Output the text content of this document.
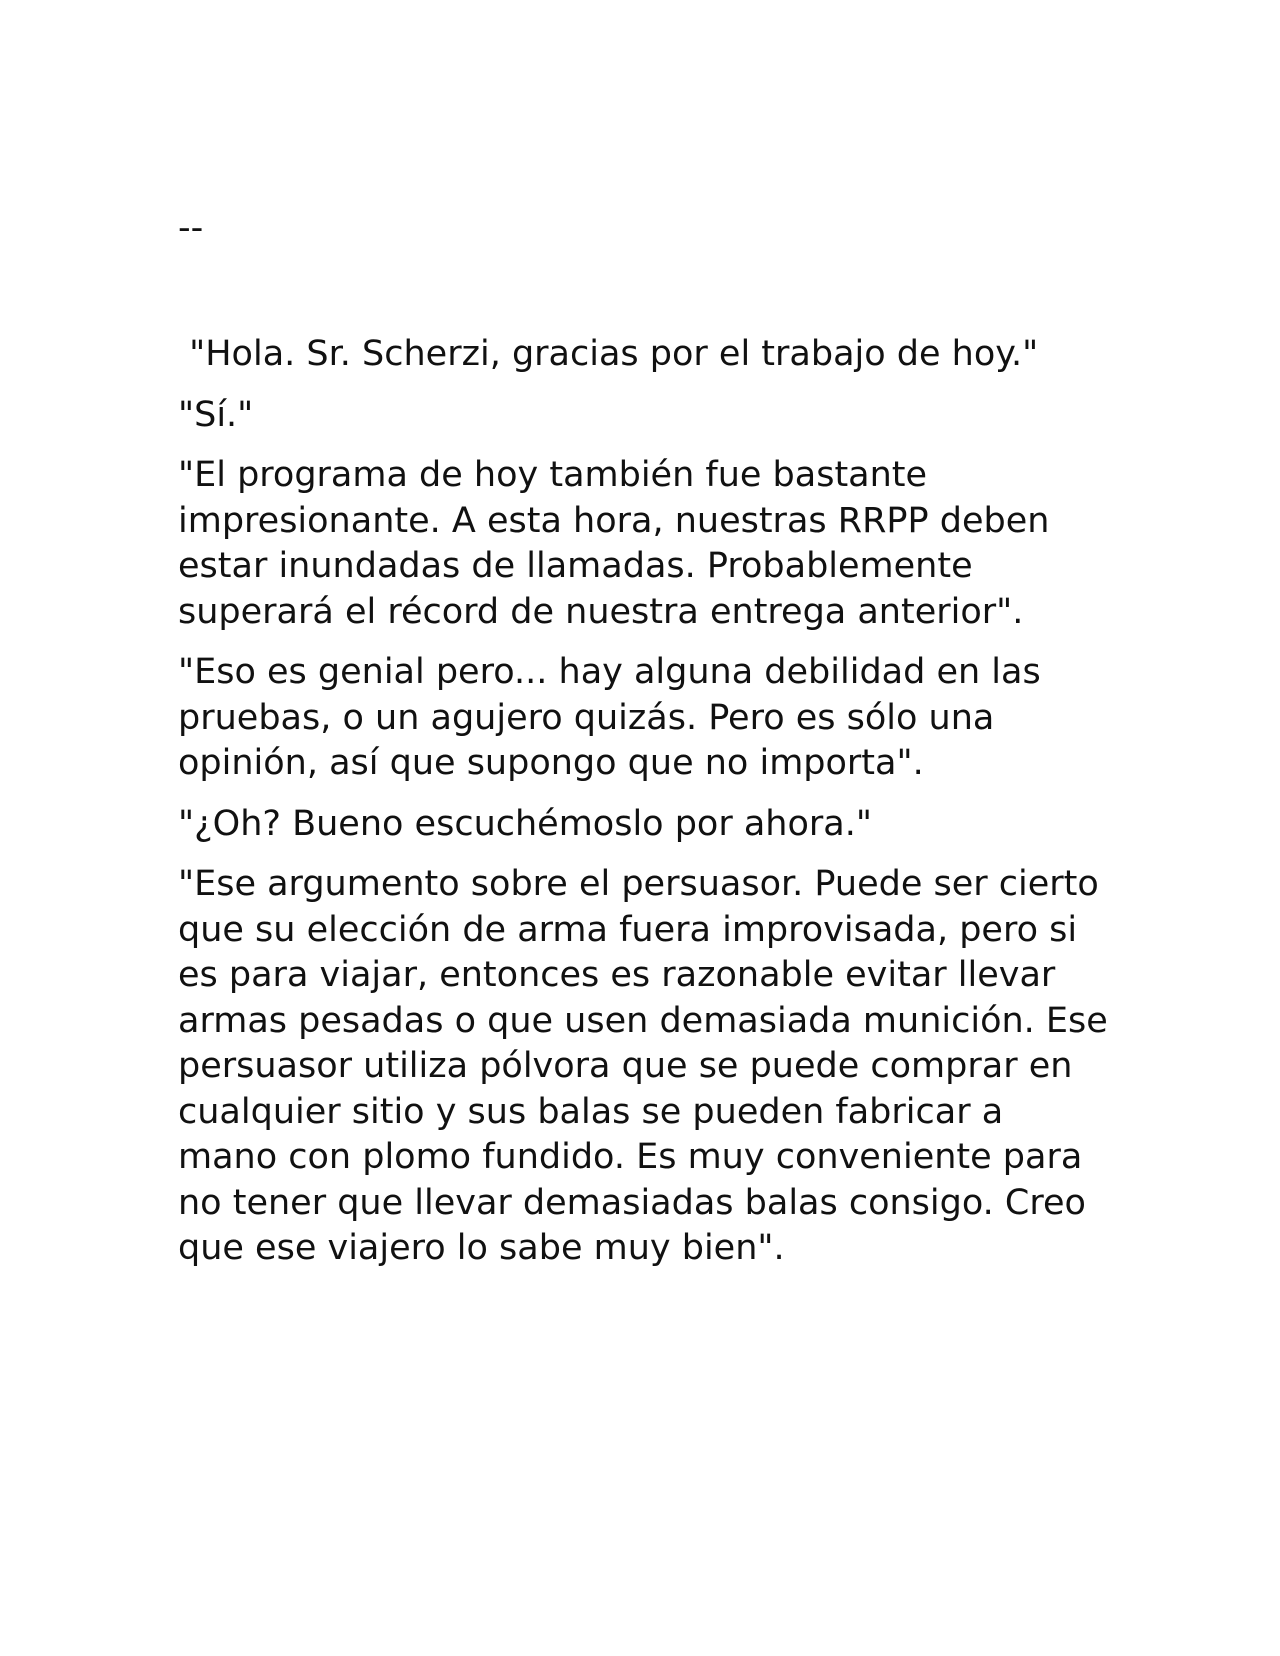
--

"Hola. Sr. Scherzi, gracias por el trabajo de hoy."

"Sí."

"El programa de hoy también fue bastante impresionante. A esta hora, nuestras RRPP deben estar inundadas de llamadas. Probablemente superará el récord de nuestra entrega anterior".

"Eso es genial pero... hay alguna debilidad en las pruebas, o un agujero quizás. Pero es sólo una opinión, así que supongo que no importa".

"¿Oh? Bueno escuchémoslo por ahora."

"Ese argumento sobre el persuasor. Puede ser cierto que su elección de arma fuera improvisada, pero si es para viajar, entonces es razonable evitar llevar armas pesadas o que usen demasiada munición. Ese persuasor utiliza pólvora que se puede comprar en cualquier sitio y sus balas se pueden fabricar a mano con plomo fundido. Es muy conveniente para no tener que llevar demasiadas balas consigo. Creo que ese viajero lo sabe muy bien".
